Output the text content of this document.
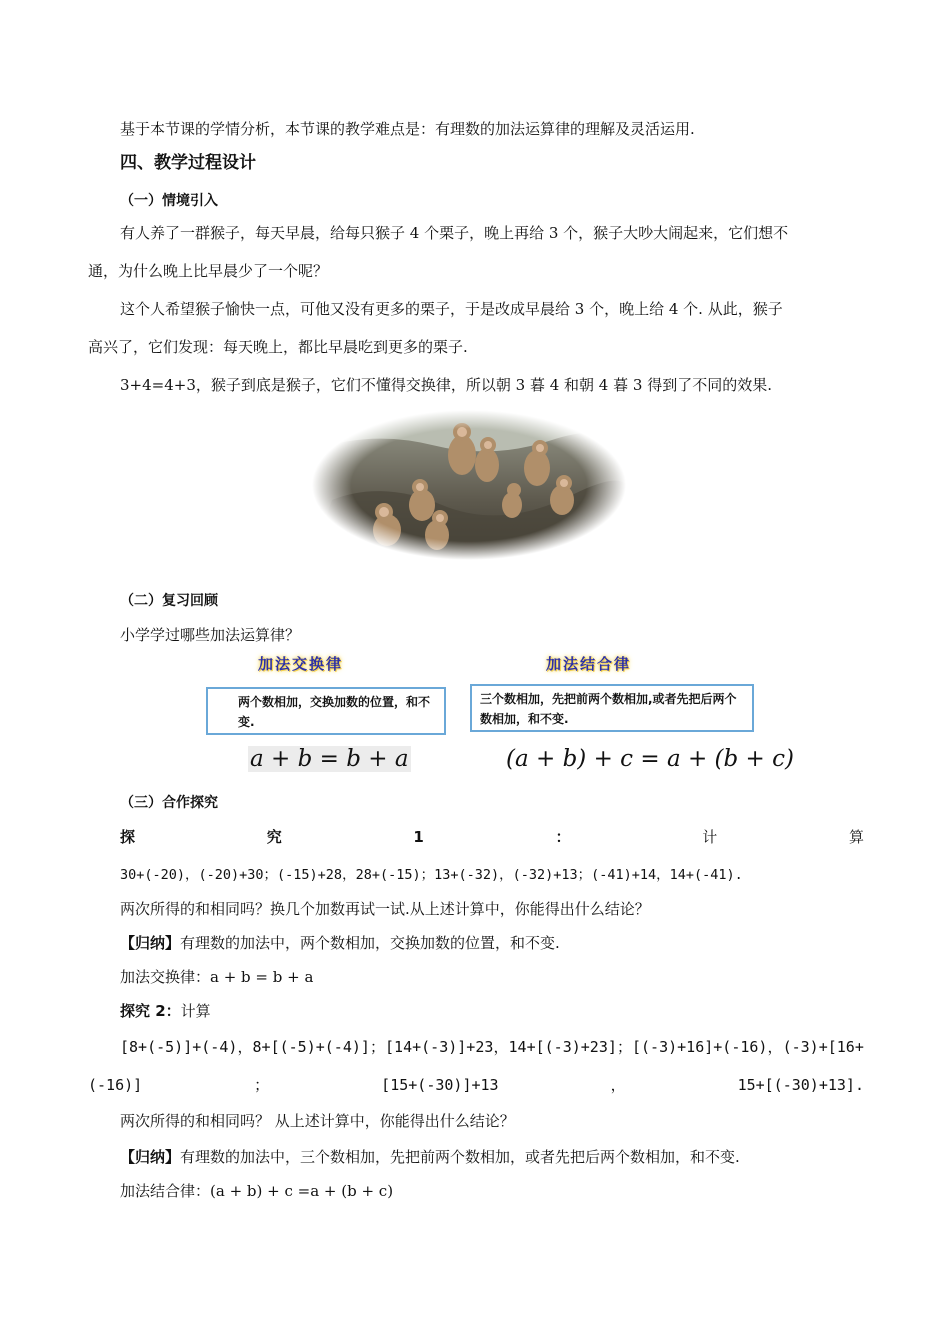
基于本节课的学情分析，本节课的教学难点是：有理数的加法运算律的理解及灵活运用.
四、教学过程设计
（一）情境引入
有人养了一群猴子，每天早晨，给每只猴子 4 个栗子，晚上再给 3 个，猴子大吵大闹起来，它们想不
通，为什么晚上比早晨少了一个呢？
这个人希望猴子愉快一点，可他又没有更多的栗子，于是改成早晨给 3 个，晚上给 4 个. 从此，猴子
高兴了，它们发现：每天晚上，都比早晨吃到更多的栗子.
3+4=4+3，猴子到底是猴子，它们不懂得交换律，所以朝 3 暮 4 和朝 4 暮 3 得到了不同的效果.
（二）复习回顾
小学学过哪些加法运算律？
加法交换律	加法结合律
两个数相加，交换加数的位置，和不变.
三个数相加，先把前两个数相加,或者先把后两个数相加，和不变.
a + b = b + a	(a + b) + c = a + (b + c)
（三）合作探究
探	究	1	：	计	算
30+(-20)，(-20)+30；(-15)+28，28+(-15)；13+(-32)，(-32)+13；(-41)+14，14+(-41).
两次所得的和相同吗？换几个加数再试一试.从上述计算中，你能得出什么结论？
【归纳】有理数的加法中，两个数相加，交换加数的位置，和不变.
加法交换律：a + b = b + a
探究 2：计算
[8+(-5)]+(-4) ， 8+[(-5)+(-4)] ； [14+(-3)]+23 ， 14+[(-3)+23] ； [(-3)+16]+(-16) ， (-3)+[16+
(-16)]	；	[15+(-30)]+13	，	15+[(-30)+13].
两次所得的和相同吗？ 从上述计算中，你能得出什么结论？
【归纳】有理数的加法中，三个数相加，先把前两个数相加，或者先把后两个数相加，和不变.
加法结合律：(a + b) + c =a + (b + c)
